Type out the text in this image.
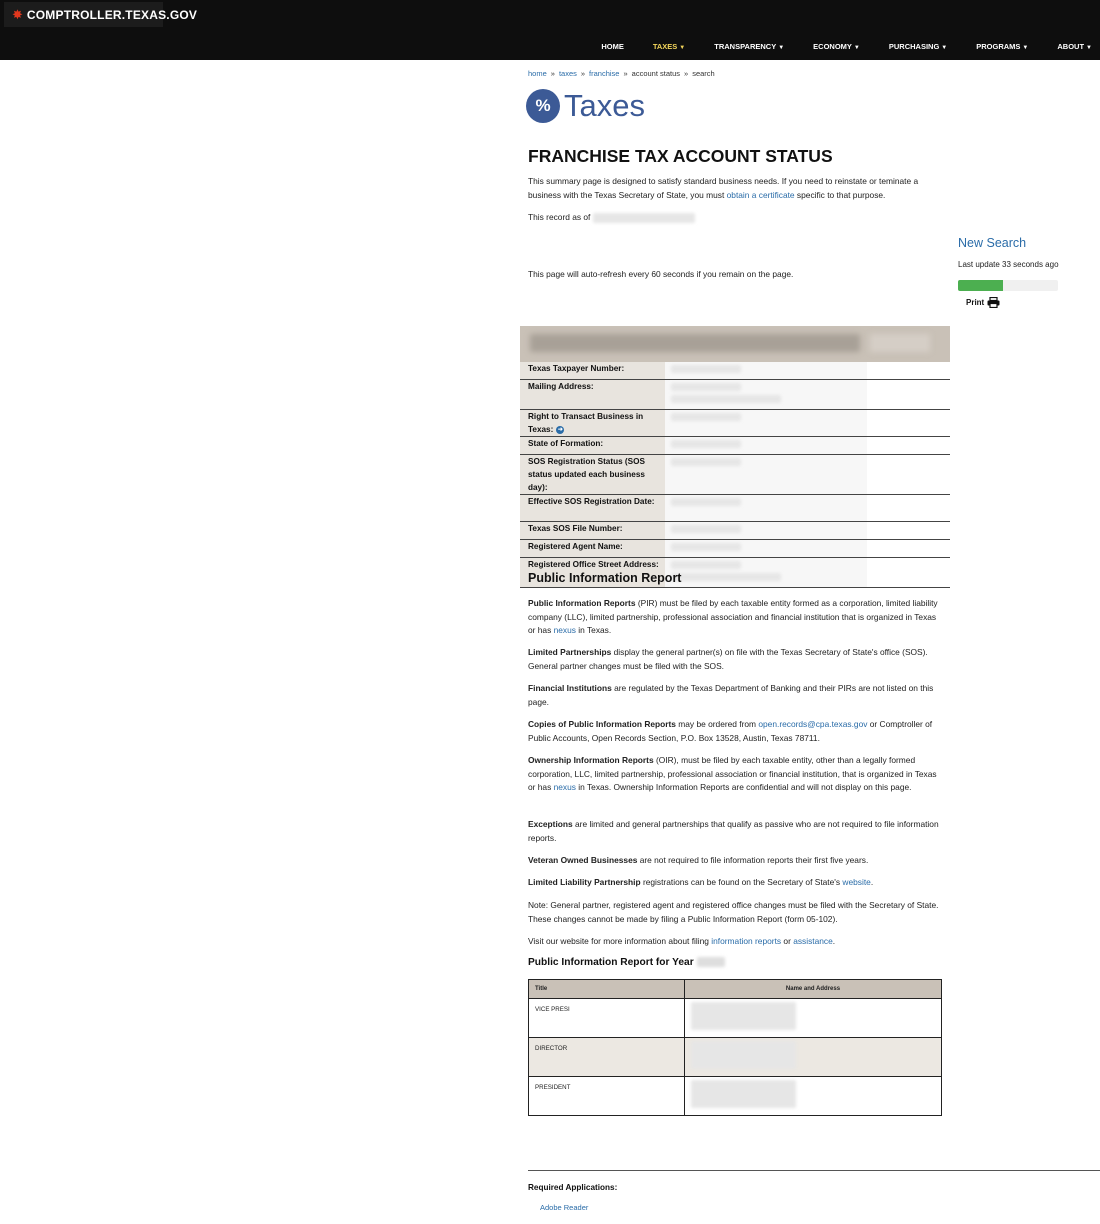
✸ COMPTROLLER.TEXAS.GOV
HOME	TAXES ▼	TRANSPARENCY ▼	ECONOMY ▼	PURCHASING ▼	PROGRAMS ▼	ABOUT ▼
home » taxes » franchise » account status » search
% Taxes
FRANCHISE TAX ACCOUNT STATUS
This summary page is designed to satisfy standard business needs. If you need to reinstate or teminate a business with the Texas Secretary of State, you must obtain a certificate specific to that purpose.
This record as of
This page will auto-refresh every 60 seconds if you remain on the page.
New Search
Last update 33 seconds ago
Print
Texas Taxpayer Number:	

Mailing Address:	

Right to Transact Business in Texas: ➜	

State of Formation:	

SOS Registration Status (SOS status updated each business day):	

Effective SOS Registration Date:	

Texas SOS File Number:	

Registered Agent Name:	

Registered Office Street Address:	

Public Information Report
Public Information Reports (PIR) must be filed by each taxable entity formed as a corporation, limited liability company (LLC), limited partnership, professional association and financial institution that is organized in Texas or has nexus in Texas.
Limited Partnerships display the general partner(s) on file with the Texas Secretary of State's office (SOS). General partner changes must be filed with the SOS.
Financial Institutions are regulated by the Texas Department of Banking and their PIRs are not listed on this page.
Copies of Public Information Reports may be ordered from open.records@cpa.texas.gov or Comptroller of Public Accounts, Open Records Section, P.O. Box 13528, Austin, Texas 78711.
Ownership Information Reports (OIR), must be filed by each taxable entity, other than a legally formed corporation, LLC, limited partnership, professional association or financial institution, that is organized in Texas or has nexus in Texas. Ownership Information Reports are confidential and will not display on this page.
Exceptions are limited and general partnerships that qualify as passive who are not required to file information reports.
Veteran Owned Businesses are not required to file information reports their first five years.
Limited Liability Partnership registrations can be found on the Secretary of State's website.
Note: General partner, registered agent and registered office changes must be filed with the Secretary of State. These changes cannot be made by filing a Public Information Report (form 05-102).
Visit our website for more information about filing information reports or assistance.
Public Information Report for Year
Title	Name and Address
VICE PRESI	
DIRECTOR	
PRESIDENT	
Required Applications:
Adobe Reader
